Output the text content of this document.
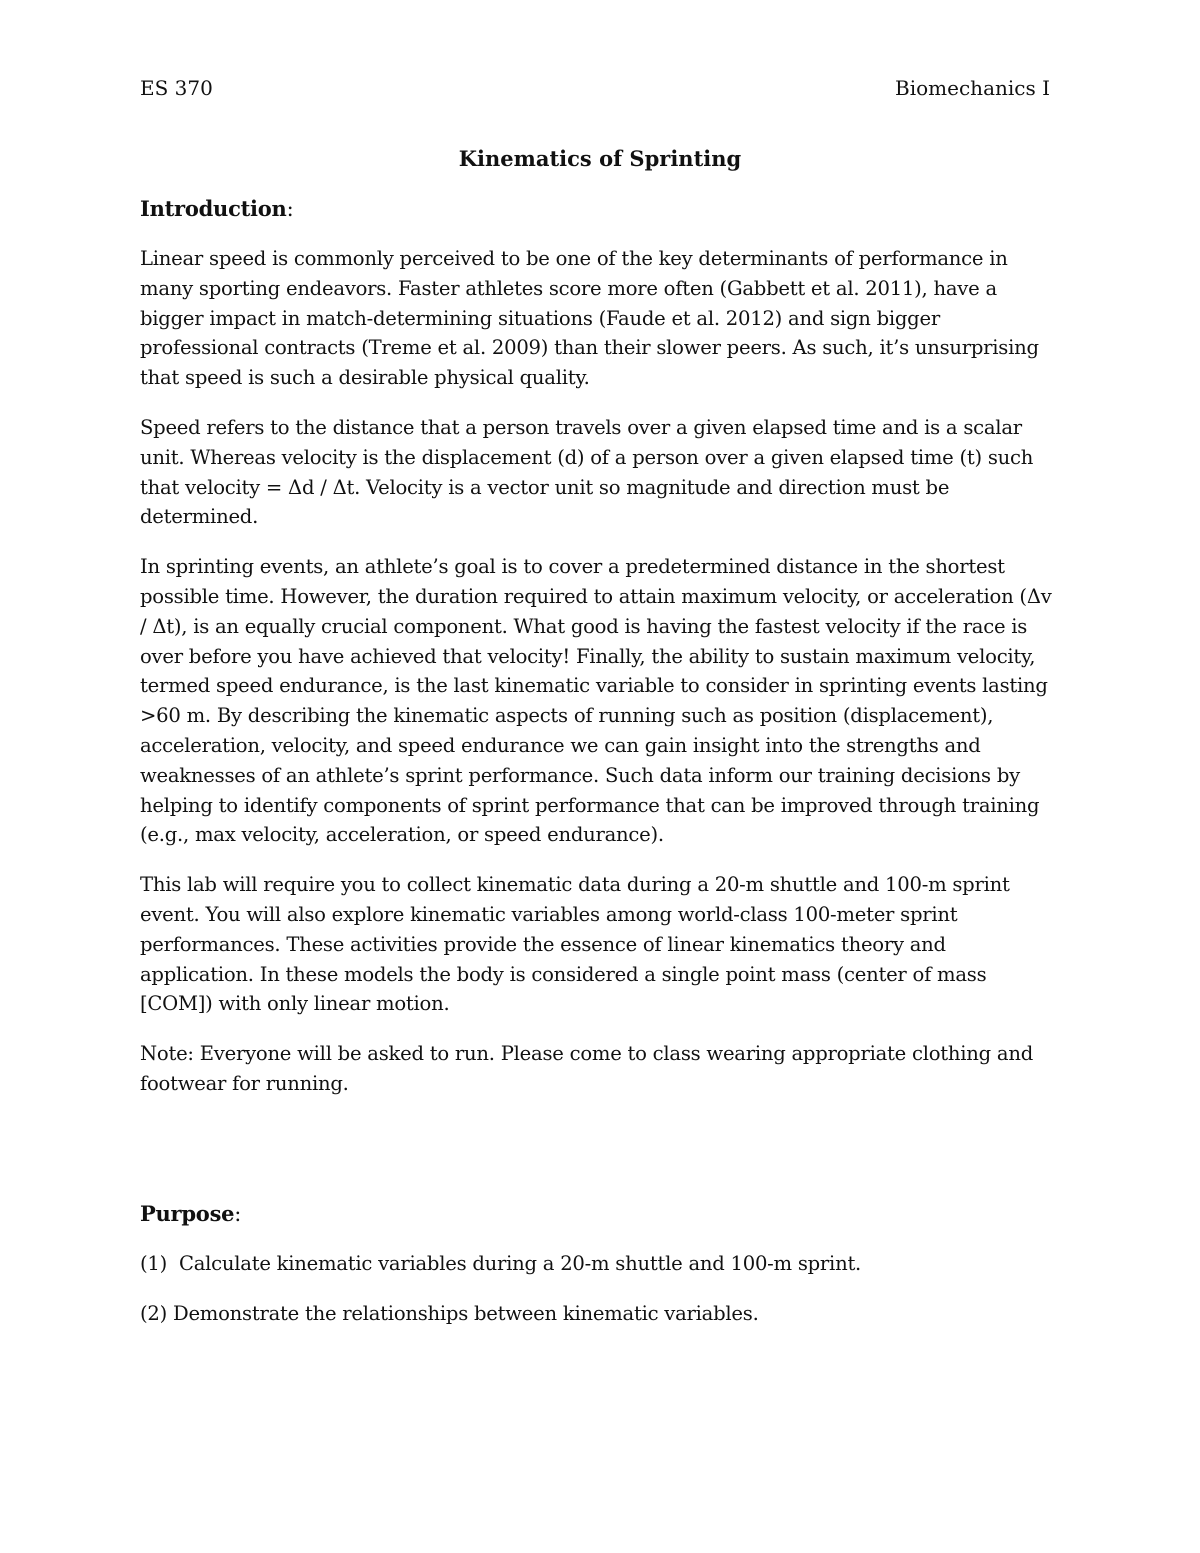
ES 370	Biomechanics I
Kinematics of Sprinting
Introduction:

Linear speed is commonly perceived to be one of the key determinants of performance in many sporting endeavors. Faster athletes score more often (Gabbett et al. 2011), have a bigger impact in match-determining situations (Faude et al. 2012) and sign bigger professional contracts (Treme et al. 2009) than their slower peers. As such, it’s unsurprising that speed is such a desirable physical quality.

Speed refers to the distance that a person travels over a given elapsed time and is a scalar unit. Whereas velocity is the displacement (d) of a person over a given elapsed time (t) such that velocity = Δd / Δt. Velocity is a vector unit so magnitude and direction must be determined.

In sprinting events, an athlete’s goal is to cover a predetermined distance in the shortest possible time. However, the duration required to attain maximum velocity, or acceleration (Δv / Δt), is an equally crucial component. What good is having the fastest velocity if the race is over before you have achieved that velocity! Finally, the ability to sustain maximum velocity, termed speed endurance, is the last kinematic variable to consider in sprinting events lasting >60 m. By describing the kinematic aspects of running such as position (displacement), acceleration, velocity, and speed endurance we can gain insight into the strengths and weaknesses of an athlete’s sprint performance. Such data inform our training decisions by helping to identify components of sprint performance that can be improved through training (e.g., max velocity, acceleration, or speed endurance).

This lab will require you to collect kinematic data during a 20-m shuttle and 100-m sprint event. You will also explore kinematic variables among world-class 100-meter sprint performances. These activities provide the essence of linear kinematics theory and application. In these models the body is considered a single point mass (center of mass [COM]) with only linear motion.

Note: Everyone will be asked to run. Please come to class wearing appropriate clothing and footwear for running.

Purpose:

(1)  Calculate kinematic variables during a 20-m shuttle and 100-m sprint.

(2) Demonstrate the relationships between kinematic variables.
